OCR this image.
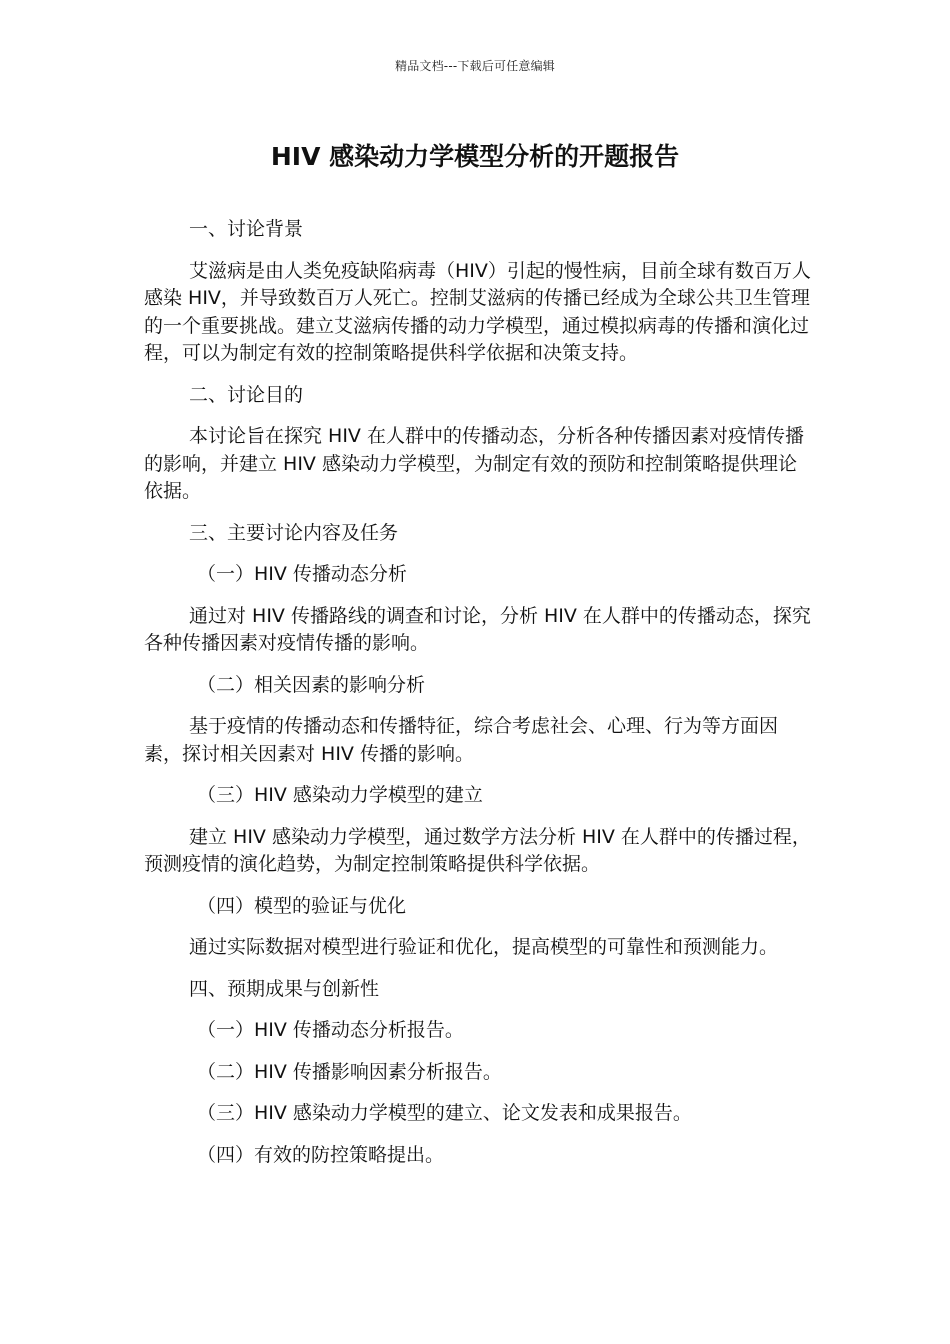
精品文档---下载后可任意编辑
HIV 感染动力学模型分析的开题报告

一、讨论背景

艾滋病是由人类免疫缺陷病毒（HIV）引起的慢性病，目前全球有数百万人感染 HIV，并导致数百万人死亡。控制艾滋病的传播已经成为全球公共卫生管理的一个重要挑战。建立艾滋病传播的动力学模型，通过模拟病毒的传播和演化过程，可以为制定有效的控制策略提供科学依据和决策支持。

二、讨论目的

本讨论旨在探究 HIV 在人群中的传播动态，分析各种传播因素对疫情传播的影响，并建立 HIV 感染动力学模型，为制定有效的预防和控制策略提供理论依据。

三、主要讨论内容及任务

（一）HIV 传播动态分析

通过对 HIV 传播路线的调查和讨论，分析 HIV 在人群中的传播动态，探究各种传播因素对疫情传播的影响。

（二）相关因素的影响分析

基于疫情的传播动态和传播特征，综合考虑社会、心理、行为等方面因素，探讨相关因素对 HIV 传播的影响。

（三）HIV 感染动力学模型的建立

建立 HIV 感染动力学模型，通过数学方法分析 HIV 在人群中的传播过程，预测疫情的演化趋势，为制定控制策略提供科学依据。

（四）模型的验证与优化

通过实际数据对模型进行验证和优化，提高模型的可靠性和预测能力。

四、预期成果与创新性

（一）HIV 传播动态分析报告。

（二）HIV 传播影响因素分析报告。

（三）HIV 感染动力学模型的建立、论文发表和成果报告。

（四）有效的防控策略提出。
